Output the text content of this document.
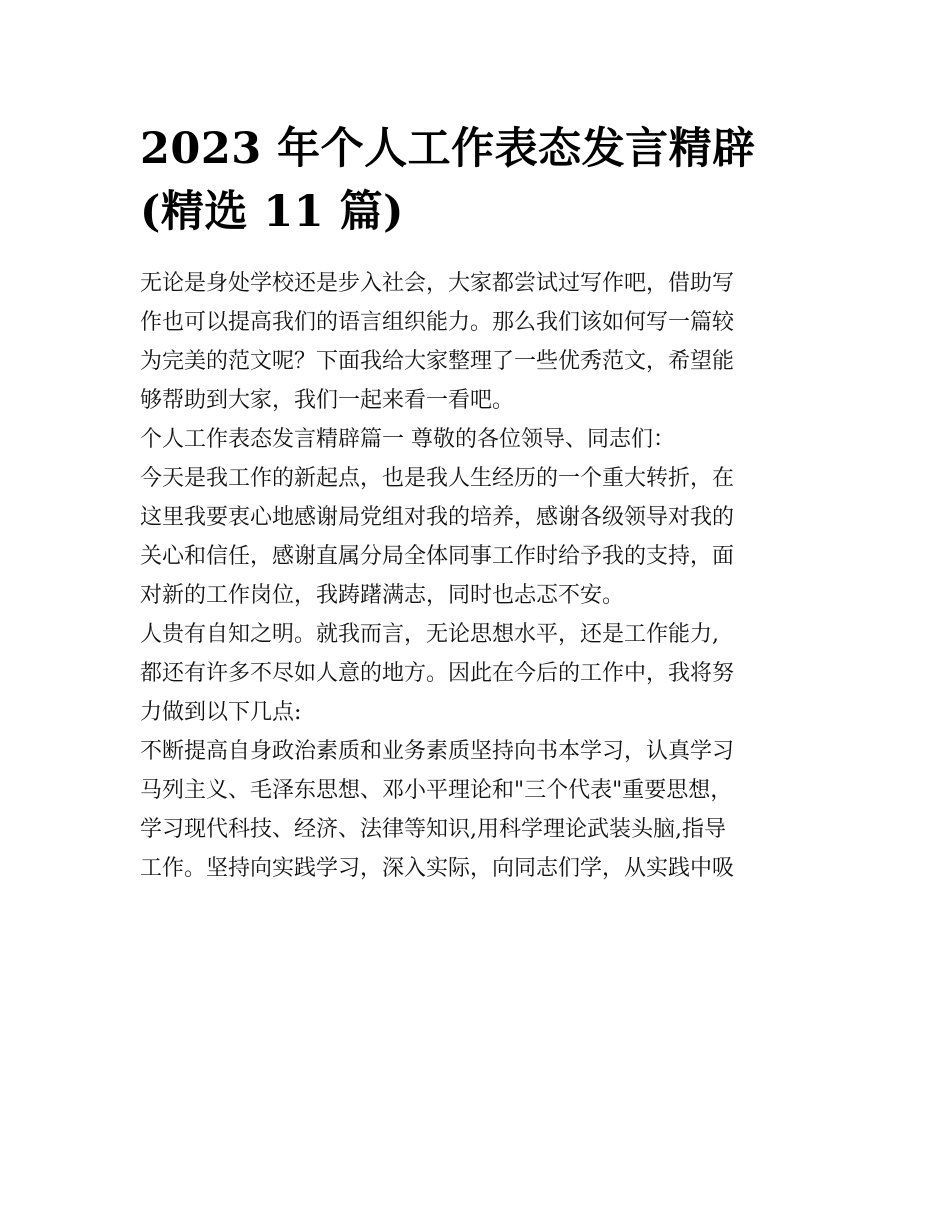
2023 年个人工作表态发言精辟
(精选 11 篇)

无论是身处学校还是步入社会，大家都尝试过写作吧，借助写
作也可以提高我们的语言组织能力。那么我们该如何写一篇较
为完美的范文呢？下面我给大家整理了一些优秀范文，希望能
够帮助到大家，我们一起来看一看吧。

个人工作表态发言精辟篇一 尊敬的各位领导、同志们：

今天是我工作的新起点，也是我人生经历的一个重大转折，在
这里我要衷心地感谢局党组对我的培养，感谢各级领导对我的
关心和信任，感谢直属分局全体同事工作时给予我的支持，面
对新的工作岗位，我踌躇满志，同时也忐忑不安。

人贵有自知之明。就我而言，无论思想水平，还是工作能力,
都还有许多不尽如人意的地方。因此在今后的工作中，我将努
力做到以下几点:

不断提高自身政治素质和业务素质坚持向书本学习，认真学习
马列主义、毛泽东思想、邓小平理论和"三个代表"重要思想，
学习现代科技、经济、法律等知识,用科学理论武装头脑,指导
工作。坚持向实践学习，深入实际，向同志们学，从实践中吸
